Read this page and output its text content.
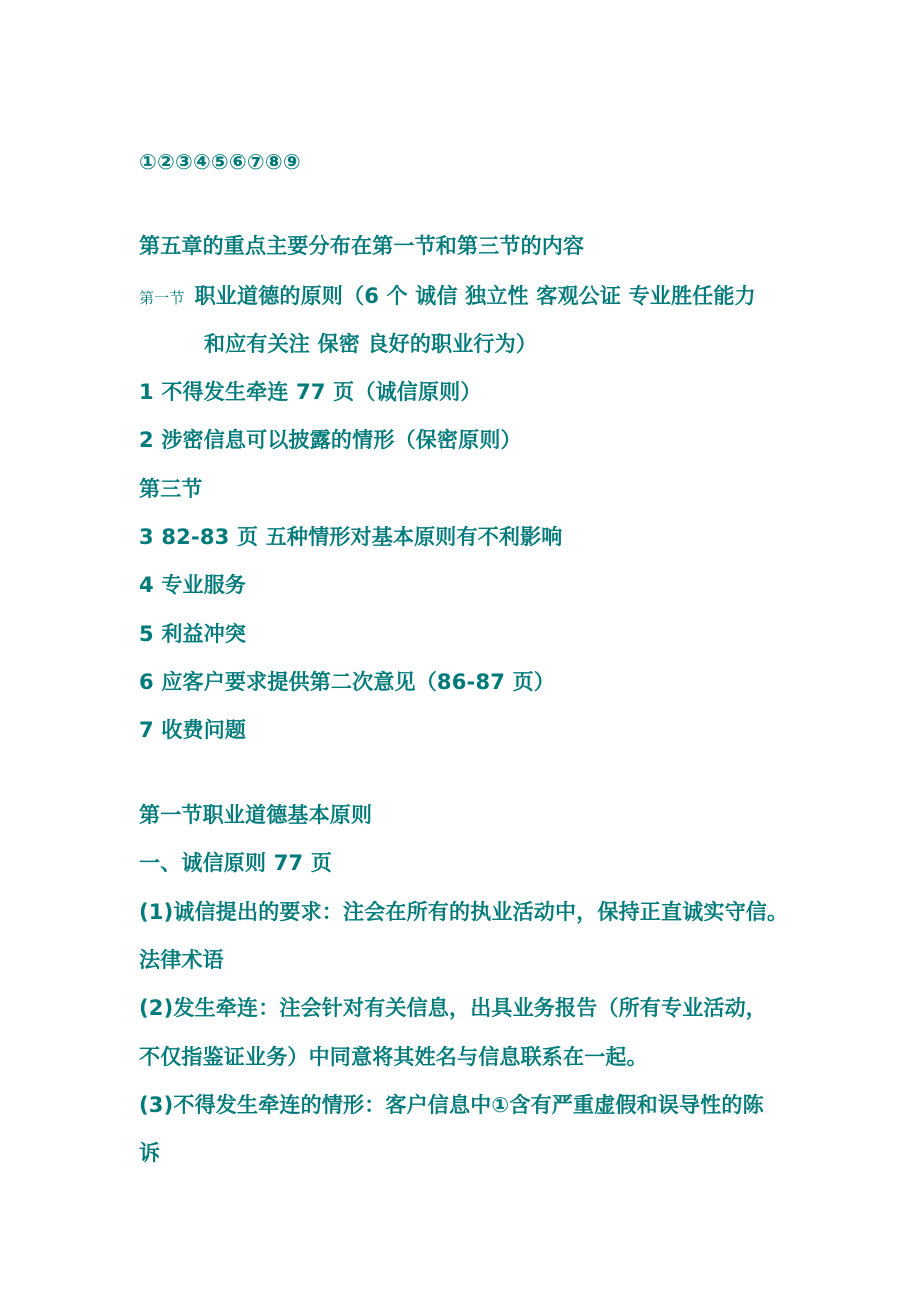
①②③④⑤⑥⑦⑧⑨
第五章的重点主要分布在第一节和第三节的内容
第一节 职业道德的原则（6 个 诚信 独立性 客观公证 专业胜任能力
和应有关注 保密 良好的职业行为）
1 不得发生牵连 77 页（诚信原则）
2 涉密信息可以披露的情形（保密原则）
第三节
3 82-83 页 五种情形对基本原则有不利影响
4 专业服务
5 利益冲突
6 应客户要求提供第二次意见（86-87 页）
7 收费问题
第一节职业道德基本原则
一、诚信原则 77 页
(1)诚信提出的要求：注会在所有的执业活动中，保持正直诚实守信。
法律术语
(2)发生牵连：注会针对有关信息，出具业务报告（所有专业活动，
不仅指鉴证业务）中同意将其姓名与信息联系在一起。
(3)不得发生牵连的情形：客户信息中①含有严重虚假和误导性的陈
诉
